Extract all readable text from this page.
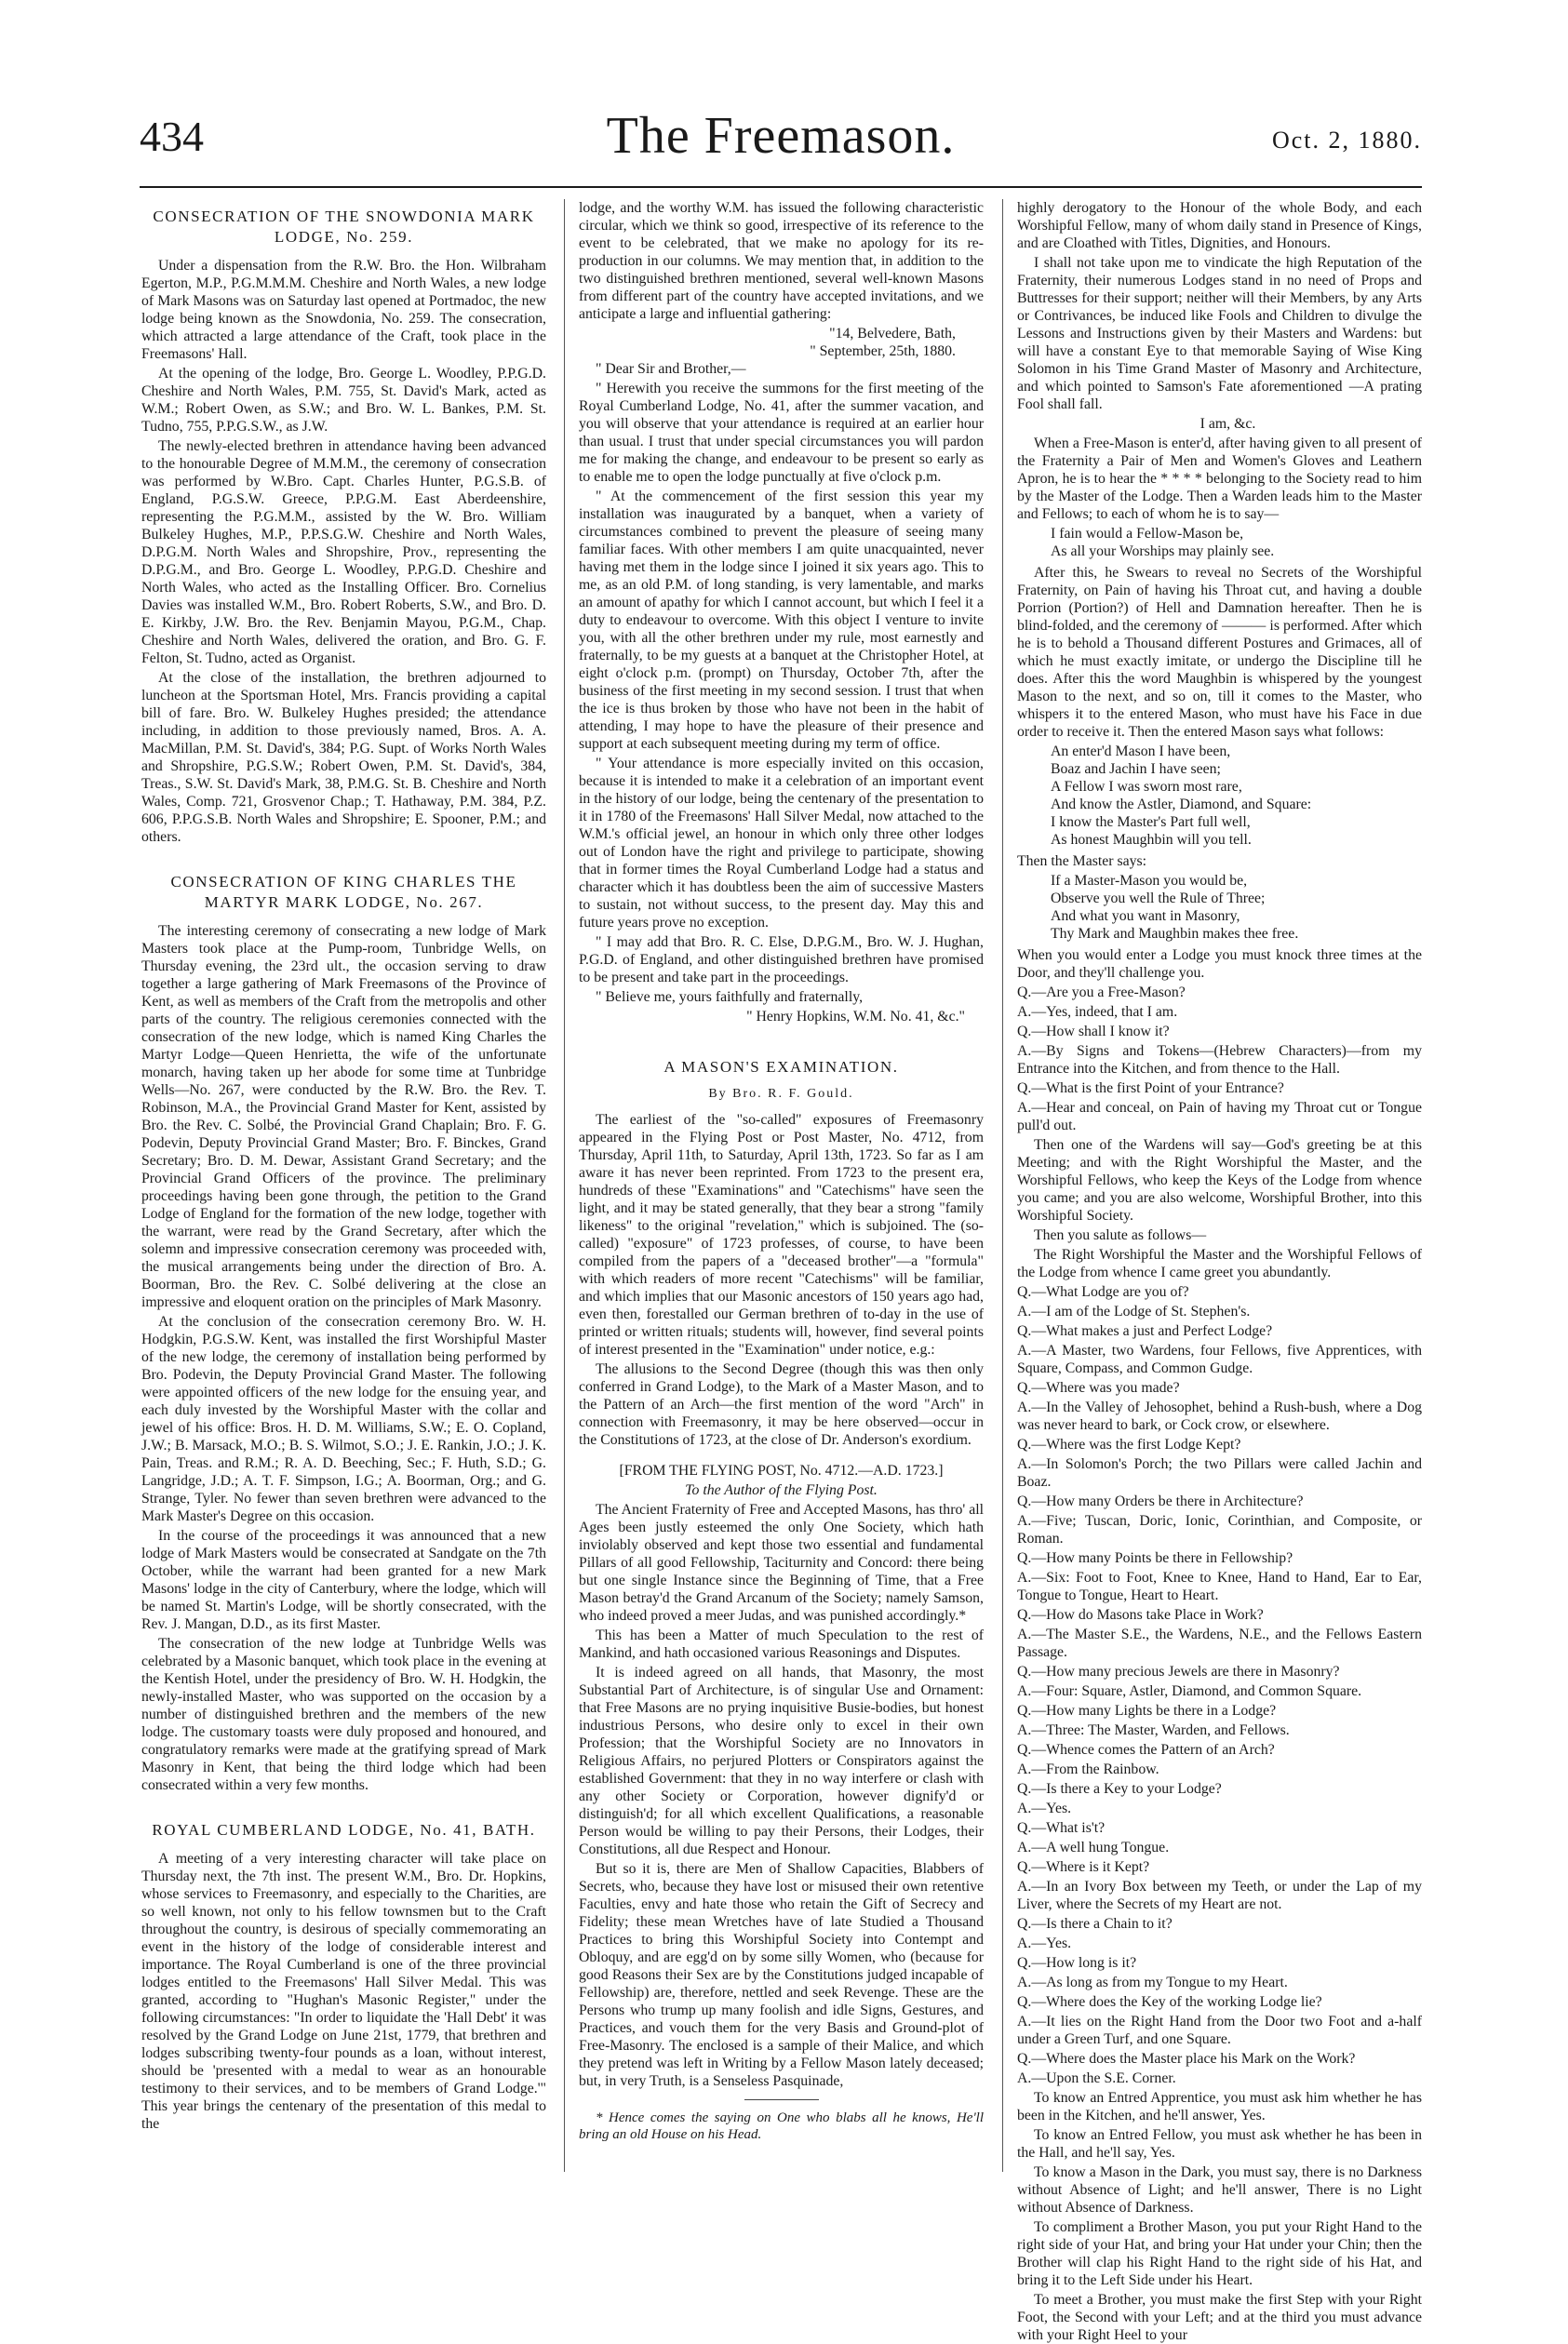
434	The Freemason.	Oct. 2, 1880.
CONSECRATION OF THE SNOWDONIA MARK LODGE, No. 259.

Under a dispensation from the R.W. Bro. the Hon. Wilbraham Egerton, M.P., P.G.M.M.M. Cheshire and North Wales, a new lodge of Mark Masons was on Saturday last opened at Portmadoc, the new lodge being known as the Snowdonia, No. 259. The consecration, which attracted a large attendance of the Craft, took place in the Freemasons' Hall.

At the opening of the lodge, Bro. George L. Woodley, P.P.G.D. Cheshire and North Wales, P.M. 755, St. David's Mark, acted as W.M.; Robert Owen, as S.W.; and Bro. W. L. Bankes, P.M. St. Tudno, 755, P.P.G.S.W., as J.W.

The newly-elected brethren in attendance having been advanced to the honourable Degree of M.M.M., the ceremony of consecration was performed by W.Bro. Capt. Charles Hunter, P.G.S.B. of England, P.G.S.W. Greece, P.P.G.M. East Aberdeenshire, representing the P.G.M.M., assisted by the W. Bro. William Bulkeley Hughes, M.P., P.P.S.G.W. Cheshire and North Wales, D.P.G.M. North Wales and Shropshire, Prov., representing the D.P.G.M., and Bro. George L. Woodley, P.P.G.D. Cheshire and North Wales, who acted as the Installing Officer. Bro. Cornelius Davies was installed W.M., Bro. Robert Roberts, S.W., and Bro. D. E. Kirkby, J.W. Bro. the Rev. Benjamin Mayou, P.G.M., Chap. Cheshire and North Wales, delivered the oration, and Bro. G. F. Felton, St. Tudno, acted as Organist.

At the close of the installation, the brethren adjourned to luncheon at the Sportsman Hotel, Mrs. Francis providing a capital bill of fare. Bro. W. Bulkeley Hughes presided; the attendance including, in addition to those previously named, Bros. A. A. MacMillan, P.M. St. David's, 384; P.G. Supt. of Works North Wales and Shropshire, P.G.S.W.; Robert Owen, P.M. St. David's, 384, Treas., S.W. St. David's Mark, 38, P.M.G. St. B. Cheshire and North Wales, Comp. 721, Grosvenor Chap.; T. Hathaway, P.M. 384, P.Z. 606, P.P.G.S.B. North Wales and Shropshire; E. Spooner, P.M.; and others.

CONSECRATION OF KING CHARLES THE MARTYR MARK LODGE, No. 267.

The interesting ceremony of consecrating a new lodge of Mark Masters took place at the Pump-room, Tunbridge Wells, on Thursday evening, the 23rd ult., the occasion serving to draw together a large gathering of Mark Freemasons of the Province of Kent, as well as members of the Craft from the metropolis and other parts of the country. The religious ceremonies connected with the consecration of the new lodge, which is named King Charles the Martyr Lodge—Queen Henrietta, the wife of the unfortunate monarch, having taken up her abode for some time at Tunbridge Wells—No. 267, were conducted by the R.W. Bro. the Rev. T. Robinson, M.A., the Provincial Grand Master for Kent, assisted by Bro. the Rev. C. Solbé, the Provincial Grand Chaplain; Bro. F. G. Podevin, Deputy Provincial Grand Master; Bro. F. Binckes, Grand Secretary; Bro. D. M. Dewar, Assistant Grand Secretary; and the Provincial Grand Officers of the province. The preliminary proceedings having been gone through, the petition to the Grand Lodge of England for the formation of the new lodge, together with the warrant, were read by the Grand Secretary, after which the solemn and impressive consecration ceremony was proceeded with, the musical arrangements being under the direction of Bro. A. Boorman, Bro. the Rev. C. Solbé delivering at the close an impressive and eloquent oration on the principles of Mark Masonry.

At the conclusion of the consecration ceremony Bro. W. H. Hodgkin, P.G.S.W. Kent, was installed the first Worshipful Master of the new lodge, the ceremony of installation being performed by Bro. Podevin, the Deputy Provincial Grand Master. The following were appointed officers of the new lodge for the ensuing year, and each duly invested by the Worshipful Master with the collar and jewel of his office: Bros. H. D. M. Williams, S.W.; E. O. Copland, J.W.; B. Marsack, M.O.; B. S. Wilmot, S.O.; J. E. Rankin, J.O.; J. K. Pain, Treas. and R.M.; R. A. D. Beeching, Sec.; F. Huth, S.D.; G. Langridge, J.D.; A. T. F. Simpson, I.G.; A. Boorman, Org.; and G. Strange, Tyler. No fewer than seven brethren were advanced to the Mark Master's Degree on this occasion.

In the course of the proceedings it was announced that a new lodge of Mark Masters would be consecrated at Sandgate on the 7th October, while the warrant had been granted for a new Mark Masons' lodge in the city of Canterbury, where the lodge, which will be named St. Martin's Lodge, will be shortly consecrated, with the Rev. J. Mangan, D.D., as its first Master.

The consecration of the new lodge at Tunbridge Wells was celebrated by a Masonic banquet, which took place in the evening at the Kentish Hotel, under the presidency of Bro. W. H. Hodgkin, the newly-installed Master, who was supported on the occasion by a number of distinguished brethren and the members of the new lodge. The customary toasts were duly proposed and honoured, and congratulatory remarks were made at the gratifying spread of Mark Masonry in Kent, that being the third lodge which had been consecrated within a very few months.

ROYAL CUMBERLAND LODGE, No. 41, BATH.

A meeting of a very interesting character will take place on Thursday next, the 7th inst. The present W.M., Bro. Dr. Hopkins, whose services to Freemasonry, and especially to the Charities, are so well known, not only to his fellow townsmen but to the Craft throughout the country, is desirous of specially commemorating an event in the history of the lodge of considerable interest and importance. The Royal Cumberland is one of the three provincial lodges entitled to the Freemasons' Hall Silver Medal. This was granted, according to "Hughan's Masonic Register," under the following circumstances: "In order to liquidate the 'Hall Debt' it was resolved by the Grand Lodge on June 21st, 1779, that brethren and lodges subscribing twenty-four pounds as a loan, without interest, should be 'presented with a medal to wear as an honourable testimony to their services, and to be members of Grand Lodge.'" This year brings the centenary of the presentation of this medal to the

lodge, and the worthy W.M. has issued the following characteristic circular, which we think so good, irrespective of its reference to the event to be celebrated, that we make no apology for its re-production in our columns. We may mention that, in addition to the two distinguished brethren mentioned, several well-known Masons from different part of the country have accepted invitations, and we anticipate a large and influential gathering:

"14, Belvedere, Bath,
" September, 25th, 1880.

" Dear Sir and Brother,—

" Herewith you receive the summons for the first meeting of the Royal Cumberland Lodge, No. 41, after the summer vacation, and you will observe that your attendance is required at an earlier hour than usual. I trust that under special circumstances you will pardon me for making the change, and endeavour to be present so early as to enable me to open the lodge punctually at five o'clock p.m.

" At the commencement of the first session this year my installation was inaugurated by a banquet, when a variety of circumstances combined to prevent the pleasure of seeing many familiar faces. With other members I am quite unacquainted, never having met them in the lodge since I joined it six years ago. This to me, as an old P.M. of long standing, is very lamentable, and marks an amount of apathy for which I cannot account, but which I feel it a duty to endeavour to overcome. With this object I venture to invite you, with all the other brethren under my rule, most earnestly and fraternally, to be my guests at a banquet at the Christopher Hotel, at eight o'clock p.m. (prompt) on Thursday, October 7th, after the business of the first meeting in my second session. I trust that when the ice is thus broken by those who have not been in the habit of attending, I may hope to have the pleasure of their presence and support at each subsequent meeting during my term of office.

" Your attendance is more especially invited on this occasion, because it is intended to make it a celebration of an important event in the history of our lodge, being the centenary of the presentation to it in 1780 of the Freemasons' Hall Silver Medal, now attached to the W.M.'s official jewel, an honour in which only three other lodges out of London have the right and privilege to participate, showing that in former times the Royal Cumberland Lodge had a status and character which it has doubtless been the aim of successive Masters to sustain, not without success, to the present day. May this and future years prove no exception.

" I may add that Bro. R. C. Else, D.P.G.M., Bro. W. J. Hughan, P.G.D. of England, and other distinguished brethren have promised to be present and take part in the proceedings.

" Believe me, yours faithfully and fraternally,

" Henry Hopkins, W.M. No. 41, &c."
A MASON'S EXAMINATION.
By Bro. R. F. Gould.

The earliest of the "so-called" exposures of Freemasonry appeared in the Flying Post or Post Master, No. 4712, from Thursday, April 11th, to Saturday, April 13th, 1723. So far as I am aware it has never been reprinted. From 1723 to the present era, hundreds of these "Examinations" and "Catechisms" have seen the light, and it may be stated generally, that they bear a strong "family likeness" to the original "revelation," which is subjoined. The (so-called) "exposure" of 1723 professes, of course, to have been compiled from the papers of a "deceased brother"—a "formula" with which readers of more recent "Catechisms" will be familiar, and which implies that our Masonic ancestors of 150 years ago had, even then, forestalled our German brethren of to-day in the use of printed or written rituals; students will, however, find several points of interest presented in the "Examination" under notice, e.g.:

The allusions to the Second Degree (though this was then only conferred in Grand Lodge), to the Mark of a Master Mason, and to the Pattern of an Arch—the first mention of the word "Arch" in connection with Freemasonry, it may be here observed—occur in the Constitutions of 1723, at the close of Dr. Anderson's exordium.

[FROM THE FLYING POST, No. 4712.—A.D. 1723.]

To the Author of the Flying Post.

The Ancient Fraternity of Free and Accepted Masons, has thro' all Ages been justly esteemed the only One Society, which hath inviolably observed and kept those two essential and fundamental Pillars of all good Fellowship, Taciturnity and Concord: there being but one single Instance since the Beginning of Time, that a Free Mason betray'd the Grand Arcanum of the Society; namely Samson, who indeed proved a meer Judas, and was punished accordingly.*

This has been a Matter of much Speculation to the rest of Mankind, and hath occasioned various Reasonings and Disputes.

It is indeed agreed on all hands, that Masonry, the most Substantial Part of Architecture, is of singular Use and Ornament: that Free Masons are no prying inquisitive Busie-bodies, but honest industrious Persons, who desire only to excel in their own Profession; that the Worshipful Society are no Innovators in Religious Affairs, no perjured Plotters or Conspirators against the established Government: that they in no way interfere or clash with any other Society or Corporation, however dignify'd or distinguish'd; for all which excellent Qualifications, a reasonable Person would be willing to pay their Persons, their Lodges, their Constitutions, all due Respect and Honour.

But so it is, there are Men of Shallow Capacities, Blabbers of Secrets, who, because they have lost or misused their own retentive Faculties, envy and hate those who retain the Gift of Secrecy and Fidelity; these mean Wretches have of late Studied a Thousand Practices to bring this Worshipful Society into Contempt and Obloquy, and are egg'd on by some silly Women, who (because for good Reasons their Sex are by the Constitutions judged incapable of Fellowship) are, therefore, nettled and seek Revenge. These are the Persons who trump up many foolish and idle Signs, Gestures, and Practices, and vouch them for the very Basis and Ground-plot of Free-Masonry. The enclosed is a sample of their Malice, and which they pretend was left in Writing by a Fellow Mason lately deceased; but, in very Truth, is a Senseless Pasquinade,

* Hence comes the saying on One who blabs all he knows, He'll bring an old House on his Head.

highly derogatory to the Honour of the whole Body, and each Worshipful Fellow, many of whom daily stand in Presence of Kings, and are Cloathed with Titles, Dignities, and Honours.

I shall not take upon me to vindicate the high Reputation of the Fraternity, their numerous Lodges stand in no need of Props and Buttresses for their support; neither will their Members, by any Arts or Contrivances, be induced like Fools and Children to divulge the Lessons and Instructions given by their Masters and Wardens: but will have a constant Eye to that memorable Saying of Wise King Solomon in his Time Grand Master of Masonry and Architecture, and which pointed to Samson's Fate aforementioned —A prating Fool shall fall.

I am, &c.

When a Free-Mason is enter'd, after having given to all present of the Fraternity a Pair of Men and Women's Gloves and Leathern Apron, he is to hear the * * * * belonging to the Society read to him by the Master of the Lodge. Then a Warden leads him to the Master and Fellows; to each of whom he is to say—

I fain would a Fellow-Mason be,
As all your Worships may plainly see.

After this, he Swears to reveal no Secrets of the Worshipful Fraternity, on Pain of having his Throat cut, and having a double Porrion (Portion?) of Hell and Damnation hereafter. Then he is blind-folded, and the ceremony of ——— is performed. After which he is to behold a Thousand different Postures and Grimaces, all of which he must exactly imitate, or undergo the Discipline till he does. After this the word Maughbin is whispered by the youngest Mason to the next, and so on, till it comes to the Master, who whispers it to the entered Mason, who must have his Face in due order to receive it. Then the entered Mason says what follows:

An enter'd Mason I have been,
Boaz and Jachin I have seen;
A Fellow I was sworn most rare,
And know the Astler, Diamond, and Square:
I know the Master's Part full well,
As honest Maughbin will you tell.

Then the Master says:

If a Master-Mason you would be,
Observe you well the Rule of Three;
And what you want in Masonry,
Thy Mark and Maughbin makes thee free.

When you would enter a Lodge you must knock three times at the Door, and they'll challenge you.

Q.—Are you a Free-Mason?

A.—Yes, indeed, that I am.

Q.—How shall I know it?

A.—By Signs and Tokens—(Hebrew Characters)—from my Entrance into the Kitchen, and from thence to the Hall.

Q.—What is the first Point of your Entrance?

A.—Hear and conceal, on Pain of having my Throat cut or Tongue pull'd out.

Then one of the Wardens will say—God's greeting be at this Meeting; and with the Right Worshipful the Master, and the Worshipful Fellows, who keep the Keys of the Lodge from whence you came; and you are also welcome, Worshipful Brother, into this Worshipful Society.

Then you salute as follows—

The Right Worshipful the Master and the Worshipful Fellows of the Lodge from whence I came greet you abundantly.

Q.—What Lodge are you of?

A.—I am of the Lodge of St. Stephen's.

Q.—What makes a just and Perfect Lodge?

A.—A Master, two Wardens, four Fellows, five Apprentices, with Square, Compass, and Common Gudge.

Q.—Where was you made?

A.—In the Valley of Jehosophet, behind a Rush-bush, where a Dog was never heard to bark, or Cock crow, or elsewhere.

Q.—Where was the first Lodge Kept?

A.—In Solomon's Porch; the two Pillars were called Jachin and Boaz.

Q.—How many Orders be there in Architecture?

A.—Five; Tuscan, Doric, Ionic, Corinthian, and Composite, or Roman.

Q.—How many Points be there in Fellowship?

A.—Six: Foot to Foot, Knee to Knee, Hand to Hand, Ear to Ear, Tongue to Tongue, Heart to Heart.

Q.—How do Masons take Place in Work?

A.—The Master S.E., the Wardens, N.E., and the Fellows Eastern Passage.

Q.—How many precious Jewels are there in Masonry?

A.—Four: Square, Astler, Diamond, and Common Square.

Q.—How many Lights be there in a Lodge?

A.—Three: The Master, Warden, and Fellows.

Q.—Whence comes the Pattern of an Arch?

A.—From the Rainbow.

Q.—Is there a Key to your Lodge?

A.—Yes.

Q.—What is't?

A.—A well hung Tongue.

Q.—Where is it Kept?

A.—In an Ivory Box between my Teeth, or under the Lap of my Liver, where the Secrets of my Heart are not.

Q.—Is there a Chain to it?

A.—Yes.

Q.—How long is it?

A.—As long as from my Tongue to my Heart.

Q.—Where does the Key of the working Lodge lie?

A.—It lies on the Right Hand from the Door two Foot and a-half under a Green Turf, and one Square.

Q.—Where does the Master place his Mark on the Work?

A.—Upon the S.E. Corner.

To know an Entred Apprentice, you must ask him whether he has been in the Kitchen, and he'll answer, Yes.

To know an Entred Fellow, you must ask whether he has been in the Hall, and he'll say, Yes.

To know a Mason in the Dark, you must say, there is no Darkness without Absence of Light; and he'll answer, There is no Light without Absence of Darkness.

To compliment a Brother Mason, you put your Right Hand to the right side of your Hat, and bring your Hat under your Chin; then the Brother will clap his Right Hand to the right side of his Hat, and bring it to the Left Side under his Heart.

To meet a Brother, you must make the first Step with your Right Foot, the Second with your Left; and at the third you must advance with your Right Heel to your
